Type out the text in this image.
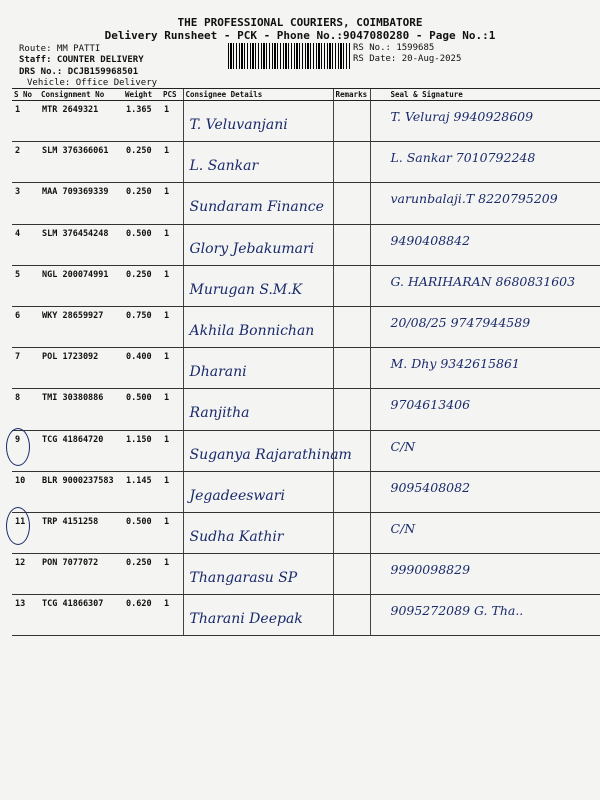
THE PROFESSIONAL COURIERS, COIMBATORE
Delivery Runsheet - PCK - Phone No.:9047080280 - Page No.:1
Route: MM PATTI
Staff: COUNTER DELIVERY
DRS No.: DCJB159968501
Vehicle: Office Delivery
RS No.: 1599685
RS Date: 20-Aug-2025
S No	Consignment No	Weight	PCS	Consignee Details	Remarks	Seal & Signature
1	MTR 2649321	1.365	1	T. Veluvanjani		T. Veluraj 9940928609

2	SLM 376366061	0.250	1	L. Sankar		L. Sankar 7010792248

3	MAA 709369339	0.250	1	Sundaram Finance		varunbalaji.T 8220795209

4	SLM 376454248	0.500	1	Glory Jebakumari		9490408842

5	NGL 200074991	0.250	1	Murugan S.M.K		G. HARIHARAN 8680831603

6	WKY 28659927	0.750	1	Akhila Bonnichan		20/08/25 9747944589

7	POL 1723092	0.400	1	Dharani		M. Dhy 9342615861

8	TMI 30380886	0.500	1	Ranjitha		9704613406

9	TCG 41864720	1.150	1	Suganya Rajarathinam		C/N

10	BLR 9000237583	1.145	1	Jegadeeswari		9095408082

11	TRP 4151258	0.500	1	Sudha Kathir		C/N

12	PON 7077072	0.250	1	Thangarasu SP		9990098829

13	TCG 41866307	0.620	1	Tharani Deepak		9095272089 G. Tha..
